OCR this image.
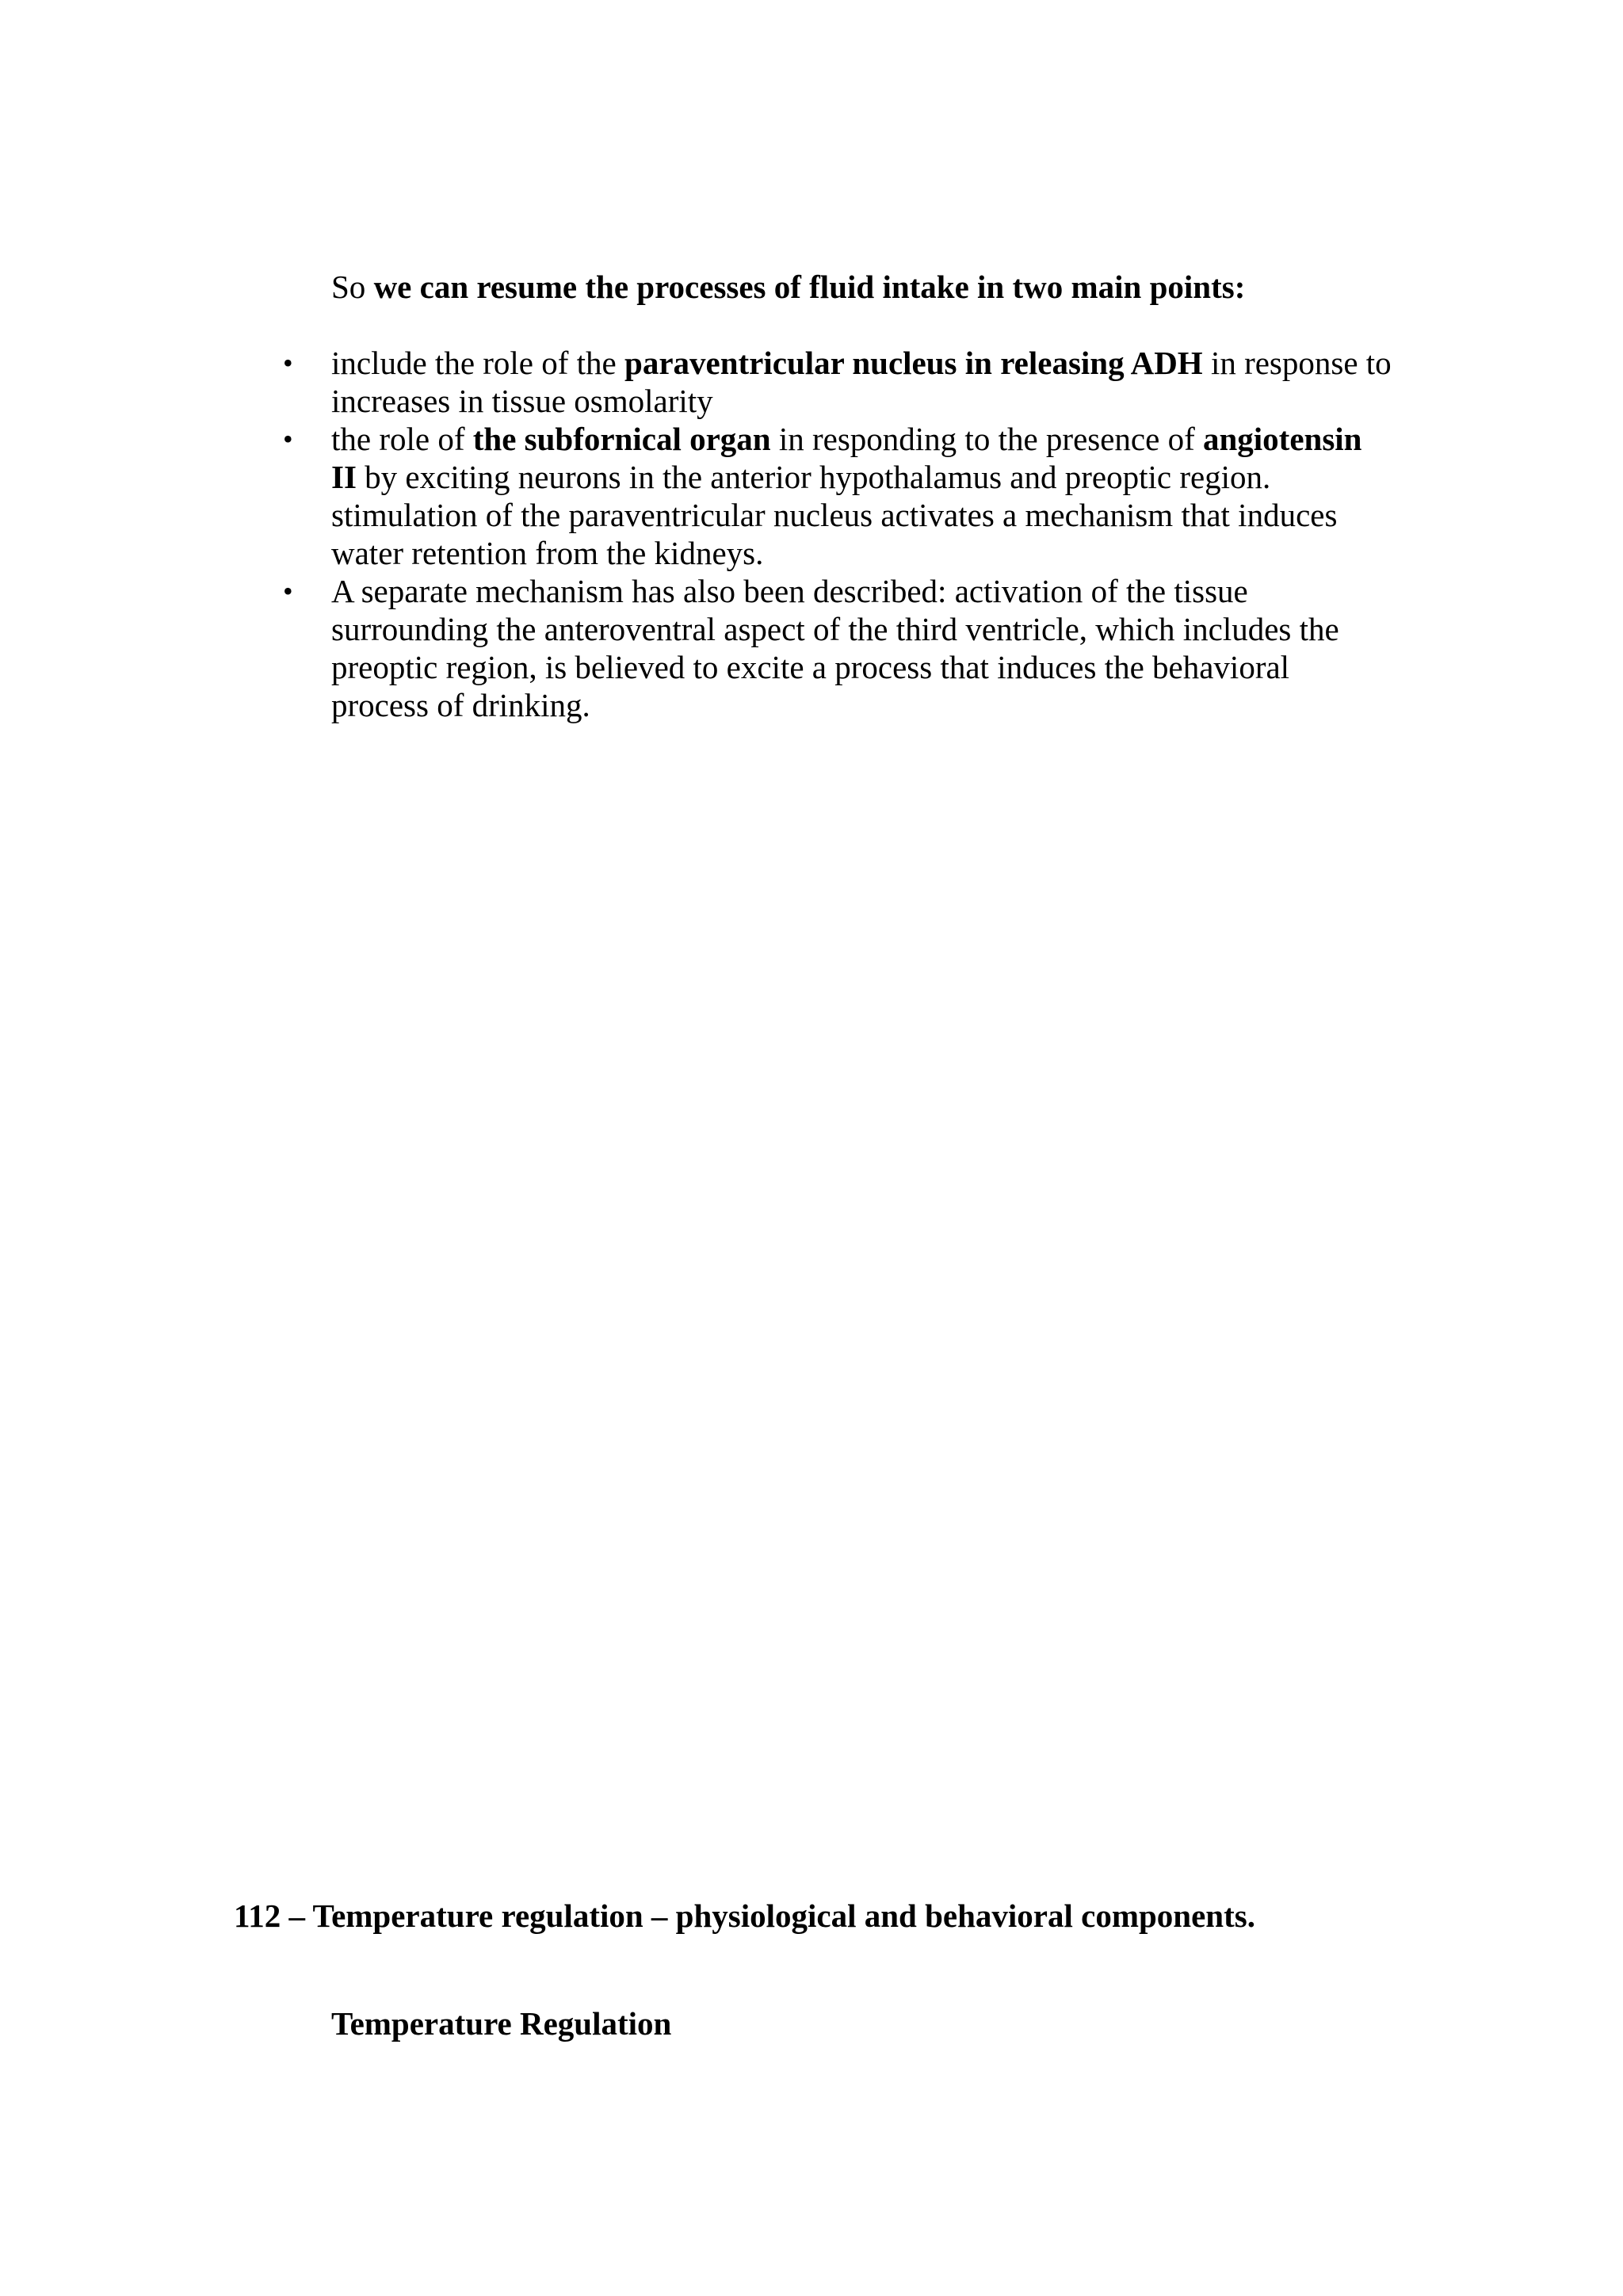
So we can resume the processes of fluid intake in two main points:

• include the role of the paraventricular nucleus in releasing ADH in response to increases in tissue osmolarity
• the role of the subfornical organ in responding to the presence of angiotensin II by exciting neurons in the anterior hypothalamus and preoptic region. stimulation of the paraventricular nucleus activates a mechanism that induces water retention from the kidneys.
• A separate mechanism has also been described: activation of the tissue surrounding the anteroventral aspect of the third ventricle, which includes the preoptic region, is believed to excite a process that induces the behavioral process of drinking.
112 – Temperature regulation – physiological and behavioral components.
Temperature Regulation
